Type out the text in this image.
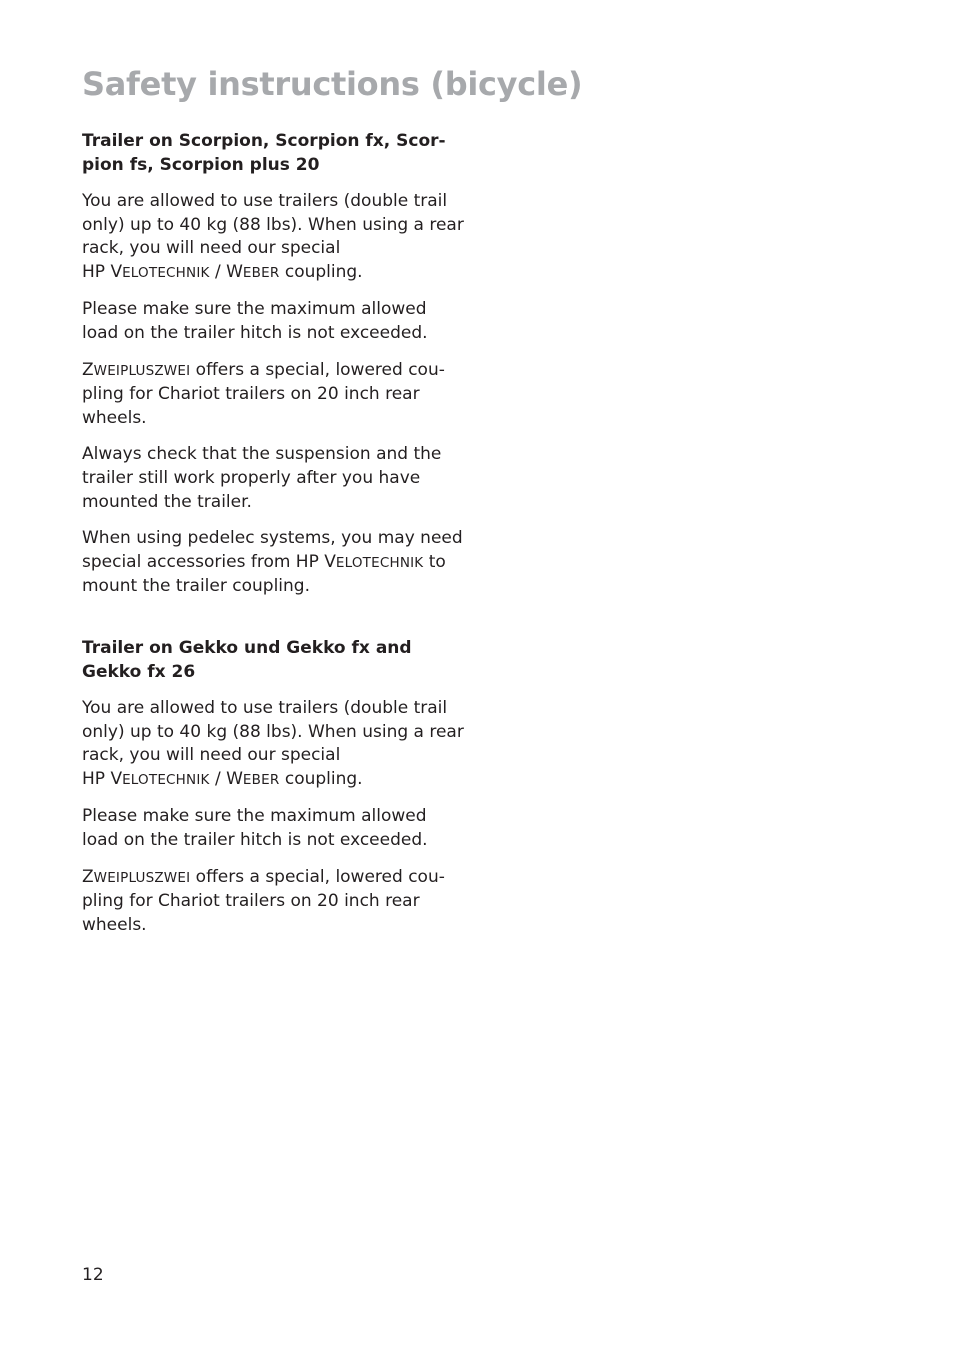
Safety instructions (bicycle)
Trailer on Scorpion, Scorpion fx, Scor-
pion fs, Scorpion plus 20

You are allowed to use trailers (double trail only) up to 40 kg (88 lbs). When using a rear rack, you will need our special
HP VELOTECHNIK / WEBER coupling.

Please make sure the maximum allowed load on the trailer hitch is not exceeded.

ZWEIPLUSZWEI offers a special, lowered cou-pling for Chariot trailers on 20 inch rear wheels.

Always check that the suspension and the trailer still work properly after you have mounted the trailer.

When using pedelec systems, you may need special accessories from HP VELOTECHNIK to mount the trailer coupling.

Trailer on Gekko und Gekko fx and
Gekko fx 26

You are allowed to use trailers (double trail only) up to 40 kg (88 lbs). When using a rear rack, you will need our special
HP VELOTECHNIK / WEBER coupling.

Please make sure the maximum allowed load on the trailer hitch is not exceeded.

ZWEIPLUSZWEI offers a special, lowered cou-pling for Chariot trailers on 20 inch rear wheels.

12
